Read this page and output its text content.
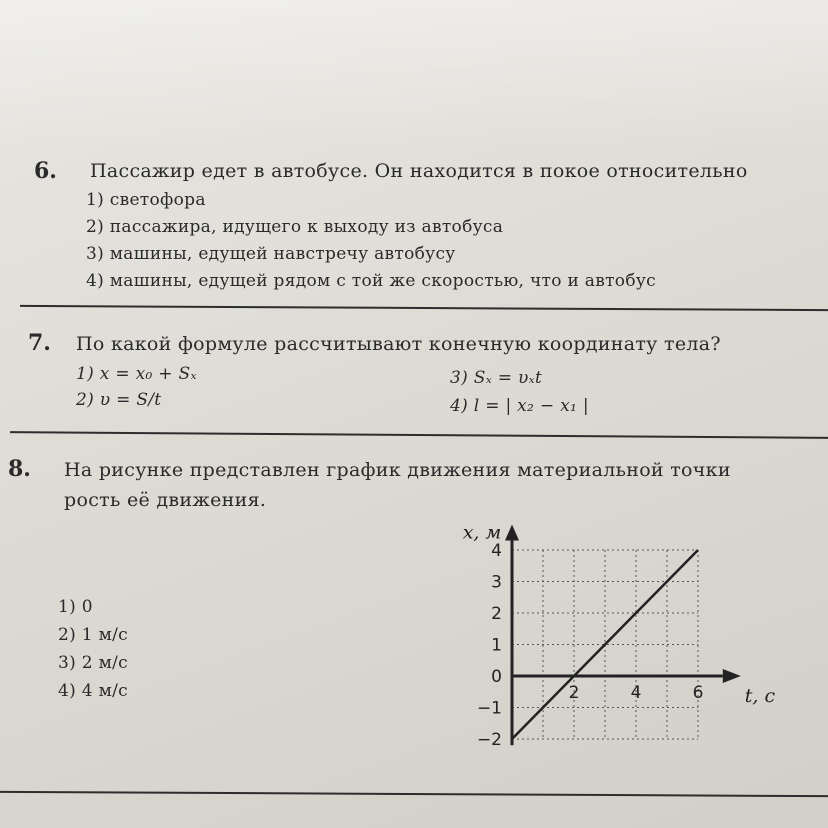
6. Пассажир едет в автобусе. Он находится в покое относительно
1) светофора
2) пассажира, идущего к выходу из автобуса
3) машины, едущей навстречу автобусу
4) машины, едущей рядом с той же скоростью, что и автобус
7. По какой формуле рассчитывают конечную координату тела?
1) x = x₀ + Sₓ
2) υ = S/t
3) Sₓ = υₓt
4) l = | x₂ − x₁ |
8. На рисунке представлен график движения материальной точки
рость её движения.
1) 0
2) 1 м/с
3) 2 м/с
4) 4 м/с
4
3
2
1
0
−1
−2
2	4	6
x, м
t, с
